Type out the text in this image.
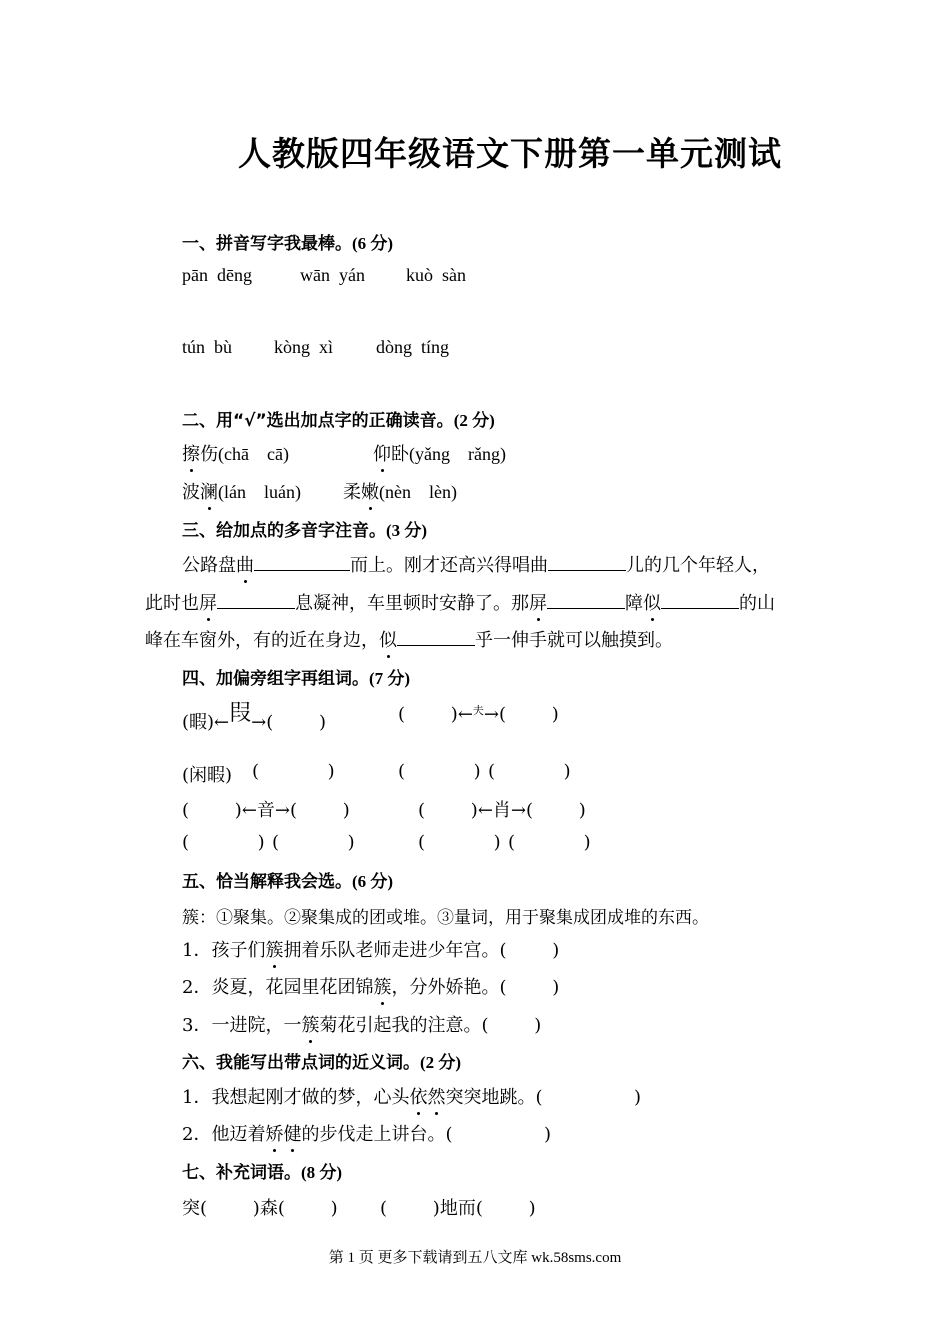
人教版四年级语文下册第一单元测试
一、拼音写字我最棒。(6 分)
pān  dēng	wān  yán kuò  sàn
tún  bù kòng  xì dòng  tíng
二、用“√”选出加点字的正确读音。(2 分)
擦伤(chā    cā)	仰卧(yǎng    rǎng)
波澜(lán    luán) 柔嫩(nèn    lèn)
三、给加点的多音字注音。(3 分)
公路盘曲	而上。刚才还高兴得唱曲	儿的几个年轻人，
此时也屏	息凝神，车里顿时安静了。那屏	障似	的山
峰在车窗外，有的近在身边，似	乎一伸手就可以触摸到。
四、加偏旁组字再组词。(7 分)
(暇)←叚→(        )	(        )←夫→(        )
(闲暇) (            )	(            ) (            )
(        )←音→(        )	(        )←肖→(        )
(            ) (            )	(            ) (            )
五、恰当解释我会选。(6 分)
簇：①聚集。②聚集成的团或堆。③量词，用于聚集成团成堆的东西。
1．孩子们簇拥着乐队老师走进少年宫。(        )
2．炎夏，花园里花团锦簇，分外娇艳。(        )
3．一进院，一簇菊花引起我的注意。(        )
六、我能写出带点词的近义词。(2 分)
1．我想起刚才做的梦，心头依然突突地跳。(                )
2．他迈着矫健的步伐走上讲台。(                )
七、补充词语。(8 分)
突(        )森(        ) (        )地而(        )
第 1 页 更多下载请到五八文库 wk.58sms.com
